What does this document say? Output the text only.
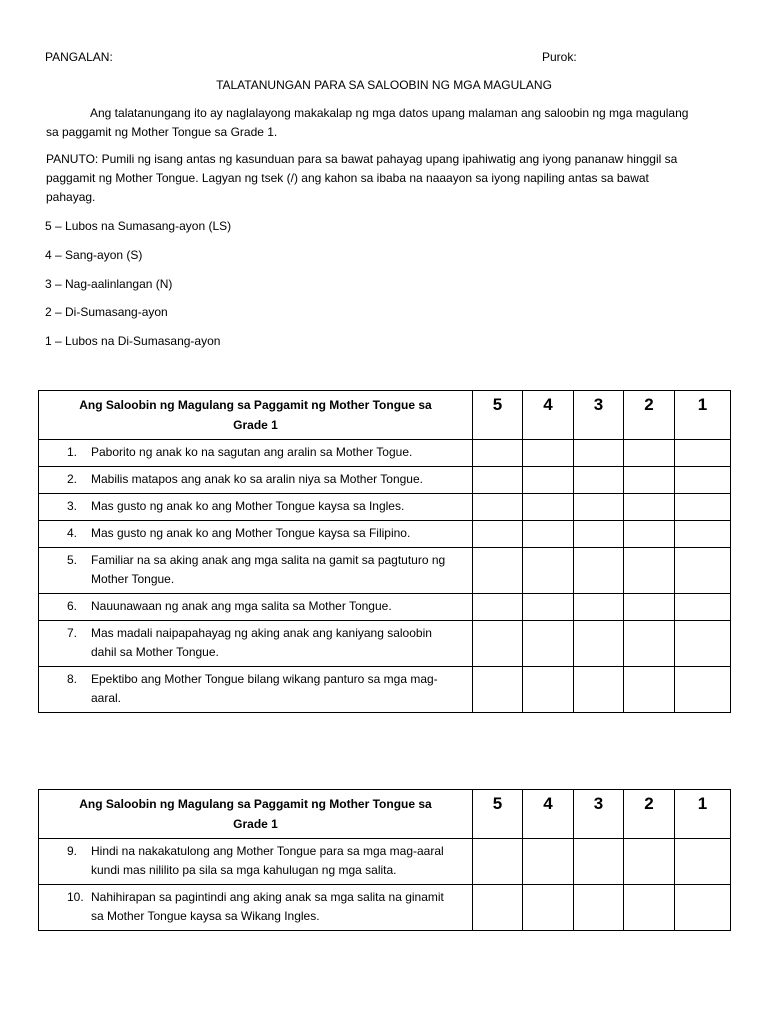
PANGALAN:	Purok:
TALATANUNGAN PARA SA SALOOBIN NG MGA MAGULANG
Ang talatanungang ito ay naglalayong makakalap ng mga datos upang malaman ang saloobin ng mga magulang
sa paggamit ng Mother Tongue sa Grade 1.
PANUTO: Pumili ng isang antas ng kasunduan para sa bawat pahayag upang ipahiwatig ang iyong pananaw hinggil sa
paggamit ng Mother Tongue. Lagyan ng tsek (/) ang kahon sa ibaba na naaayon sa iyong napiling antas sa bawat
pahayag.
5 – Lubos na Sumasang-ayon (LS)
4 – Sang-ayon (S)
3 – Nag-aalinlangan (N)
2 – Di-Sumasang-ayon
1 – Lubos na Di-Sumasang-ayon
Ang Saloobin ng Magulang sa Paggamit ng Mother Tongue sa
Grade 1	5	4	3	2	1

1. Paborito ng anak ko na sagutan ang aralin sa Mother Togue.					

2. Mabilis matapos ang anak ko sa aralin niya sa Mother Tongue.					

3. Mas gusto ng anak ko ang Mother Tongue kaysa sa Ingles.					

4. Mas gusto ng anak ko ang Mother Tongue kaysa sa Filipino.					

5. Familiar na sa aking anak ang mga salita na gamit sa pagtuturo ng
Mother Tongue.					

6. Nauunawaan ng anak ang mga salita sa Mother Tongue.					

7. Mas madali naipapahayag ng aking anak ang kaniyang saloobin
dahil sa Mother Tongue.					

8. Epektibo ang Mother Tongue bilang wikang panturo sa mga mag-
aaral.					

Ang Saloobin ng Magulang sa Paggamit ng Mother Tongue sa
Grade 1	5	4	3	2	1

9. Hindi na nakakatulong ang Mother Tongue para sa mga mag-aaral
kundi mas nililito pa sila sa mga kahulugan ng mga salita.					

10. Nahihirapan sa pagintindi ang aking anak sa mga salita na ginamit
sa Mother Tongue kaysa sa Wikang Ingles.					
